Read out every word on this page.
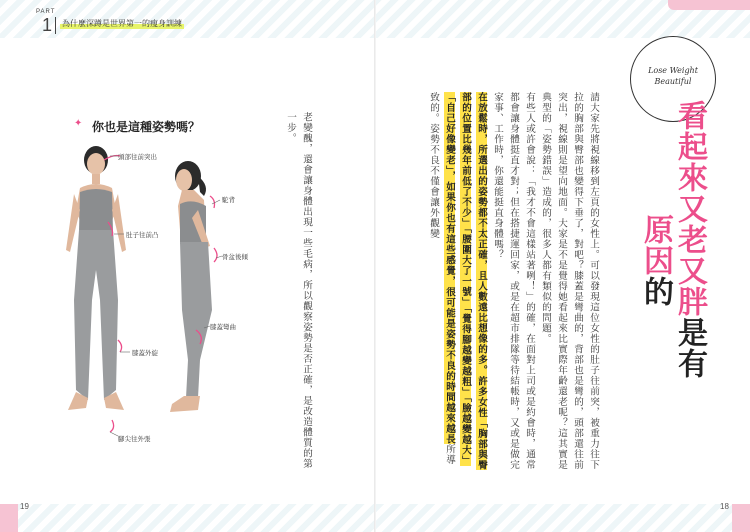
PART
1 為什麼深蹲是世界第一的瘦身訓練
Lose Weight
Beautiful
看起來又老又胖是有
原因的

請大家先將視線移到左頁的女性上。可以發現這位女性的肚子往前突，被重力往下拉的胸部與臀部也變得下垂了，對吧？膝蓋是彎曲的，背部也是彎的，頭部還往前突出，視線則是望向地面。大家是不是覺得她看起來比實際年齡還老呢？這其實是典型的「姿勢錯誤」造成的，很多人都有類似的問題。

有些人或許會說：「我才不會這樣站著咧！」的確，在面對上司或是約會時，通常都會讓身體挺直才對；但在搭捷運回家，或是在超市排隊等待結帳時，又或是做完家事、工作時，你還能挺直身體嗎？

在放鬆時，所選出的姿勢都不太正確，且人數遠比想像的多。許多女性「胸部與臀部的位置比幾年前低了不少」「腰圍大了一號」「覺得腳越變越粗」「臉越變越大」「自己好像變老」，如果你也有這些感覺，很可能是姿勢不良的時間越來越長所導致的。姿勢不良不僅會讓外觀變

老變醜，還會讓身體出現一些毛病，所以觀察姿勢是否正確，是改造體質的第一步。

✦ 你也是這種姿勢嗎？
頭部往前突出
肚子往前凸
膝蓋外旋
腳尖往外張
駝背
骨盆後傾
膝蓋彎曲
19	18
